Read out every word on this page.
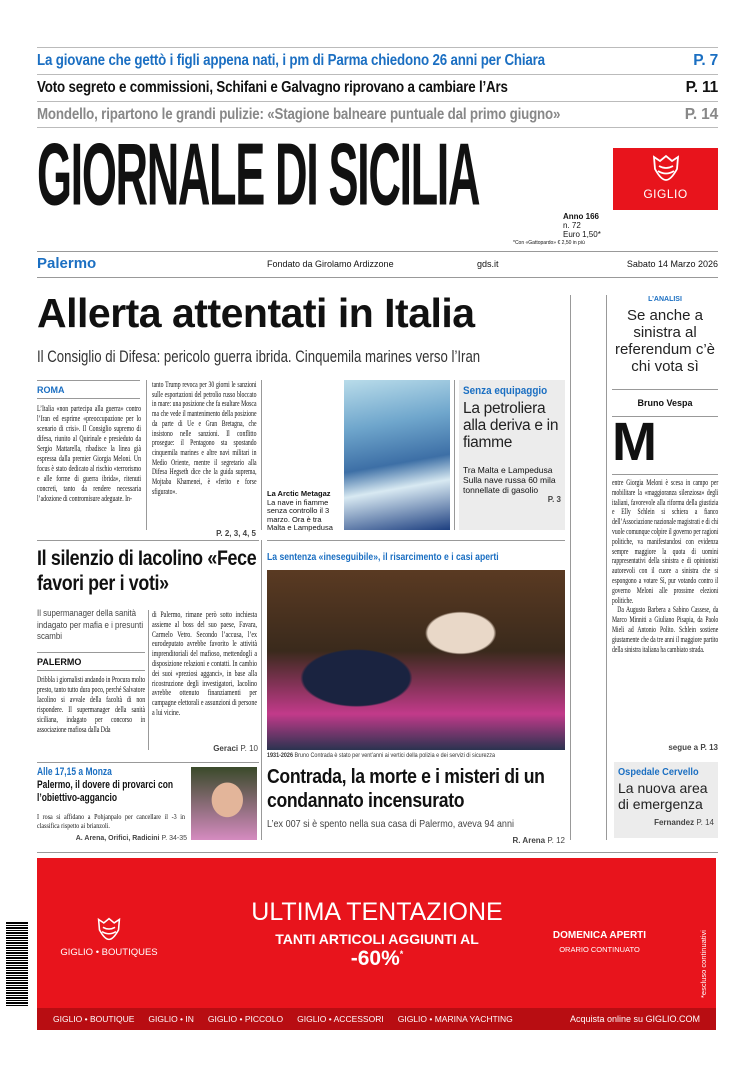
La giovane che gettò i figli appena nati, i pm di Parma chiedono 26 anni per Chiara	P. 7
Voto segreto e commissioni, Schifani e Galvagno riprovano a cambiare l’Ars	P. 11
Mondello, ripartono le grandi pulizie: «Stagione balneare puntuale dal primo giugno»	P. 14
GIORNALE DI SICILIA	GIGLIO
Anno 166
n. 72
Euro 1,50*
*Con «Gattopardo» € 2,50 in più
Palermo	Fondato da Girolamo Ardizzone	gds.it	Sabato 14 Marzo 2026
Allerta attentati in Italia
Il Consiglio di Difesa: pericolo guerra ibrida. Cinquemila marines verso l’Iran
ROMA
L’Italia «non partecipa alla guerra» contro l’Iran ed esprime «preoccupazione per lo scenario di crisi». Il Consiglio supremo di difesa, riunito al Quirinale e presieduto da Sergio Mattarella, ribadisce la linea già espressa dalla premier Giorgia Meloni. Un focus è stato dedicato al rischio «terrorismo e alle forme di guerra ibrida», ritenuti concreti, tanto da rendere necessaria l’adozione di contromisure adeguate. In-
tanto Trump revoca per 30 giorni le sanzioni sulle esportazioni del petrolio russo bloccato in mare: una posizione che fa esultare Mosca ma che vede il mantenimento della posizione da parte di Ue e Gran Bretagna, che insistono nelle sanzioni. Il conflitto prosegue: il Pentagono sta spostando cinquemila marines e altre navi militari in Medio Oriente, mentre il segretario alla Difesa Hegseth dice che la guida suprema, Mojtaba Khamenei, è «ferito e forse sfigurato».
P. 2, 3, 4, 5
La Arctic Metagaz
La nave in fiamme senza controllo il 3 marzo. Ora è tra Malta e Lampedusa
Senza equipaggio
La petroliera alla deriva e in fiamme
Tra Malta e Lampedusa Sulla nave russa 60 mila tonnellate di gasolio
P. 3
L’ANALISI
Se anche a sinistra al referendum c’è chi vota sì
Bruno Vespa
M

entre Giorgia Meloni è scesa in campo per mobilitare la «maggioranza silenziosa» degli italiani, favorevole alla riforma della giustizia e Elly Schlein si schiera a fianco dell’Associazione nazionale magistrati e di chi vuole comunque colpire il governo per ragioni politiche, va manifestandosi con evidenza sempre maggiore la quota di uomini rappresentativi della sinistra e di opinionisti autorevoli con il cuore a sinistra che si espongono a votare Sì, pur votando contro il governo Meloni alle prossime elezioni politiche.

Da Augusto Barbera a Sabino Cassese, da Marco Minniti a Giuliano Pisapia, da Paolo Mieli ad Antonio Polito. Schlein sostiene giustamente che da tre anni il maggiore partito della sinistra italiana ha cambiato strada.

segue a P. 13
Ospedale Cervello
La nuova area di emergenza
Fernandez P. 14
Il silenzio di Iacolino «Fece favori per i voti»
Il supermanager della sanità indagato per mafia e i presunti scambi
PALERMO
Dribbla i giornalisti andando in Procura molto presto, tanto tutto dura poco, perché Salvatore Iacolino si avvale della facoltà di non rispondere. Il supermanager della sanità siciliana, indagato per concorso in associazione mafiosa dalla Dda
di Palermo, rimane però sotto inchiesta assieme al boss del suo paese, Favara, Carmelo Vetro. Secondo l’accusa, l’ex eurodeputato avrebbe favorito le attività imprenditoriali del mafioso, mettendogli a disposizione relazioni e contatti. In cambio dei suoi «preziosi agganci», in base alla ricostruzione degli investigatori, Iacolino avrebbe ottenuto finanziamenti per campagne elettorali e assunzioni di persone a lui vicine.
Geraci P. 10
La sentenza «ineseguibile», il risarcimento e i casi aperti
1931-2026 Bruno Contrada è stato per vent’anni ai vertici della polizia e dei servizi di sicurezza
Contrada, la morte e i misteri di un condannato incensurato
L’ex 007 si è spento nella sua casa di Palermo, aveva 94 anni
R. Arena P. 12
Alle 17,15 a Monza
Palermo, il dovere di provarci con l’obiettivo-aggancio
I rosa si affidano a Pohjanpalo per cancellare il -3 in classifica rispetto ai brianzoli.
A. Arena, Orifici, Radicini P. 34-35
GIGLIO • BOUTIQUES
ULTIMA TENTAZIONE
TANTI ARTICOLI AGGIUNTI AL
-60%*
DOMENICA APERTI
ORARIO CONTINUATO	*escluso continuativi
GIGLIO • BOUTIQUE GIGLIO • IN GIGLIO • PICCOLO GIGLIO • ACCESSORI GIGLIO • MARINA YACHTING	Acquista online su GIGLIO.COM
